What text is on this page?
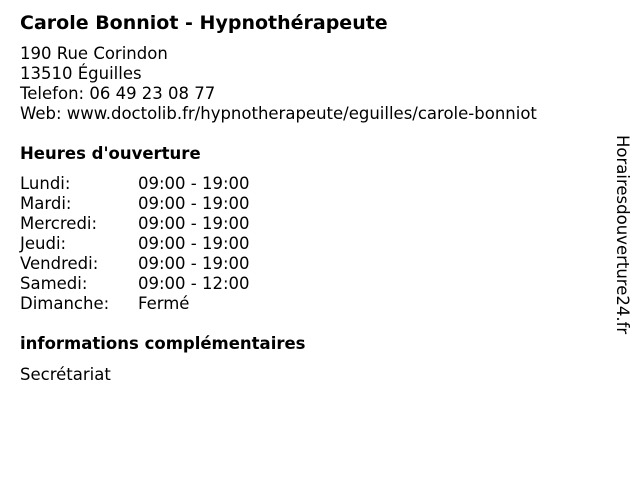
Carole Bonniot - Hypnothérapeute
190 Rue Corindon
13510 Éguilles
Telefon: 06 49 23 08 77
Web: www.doctolib.fr/hypnotherapeute/eguilles/carole-bonniot
Heures d'ouverture
Lundi:	09:00 - 19:00
Mardi:	09:00 - 19:00
Mercredi: 09:00 - 19:00
Jeudi:	09:00 - 19:00
Vendredi: 09:00 - 19:00
Samedi:	09:00 - 12:00
Dimanche: Fermé
informations complémentaires
Secrétariat
Horairesdouverture24.fr
